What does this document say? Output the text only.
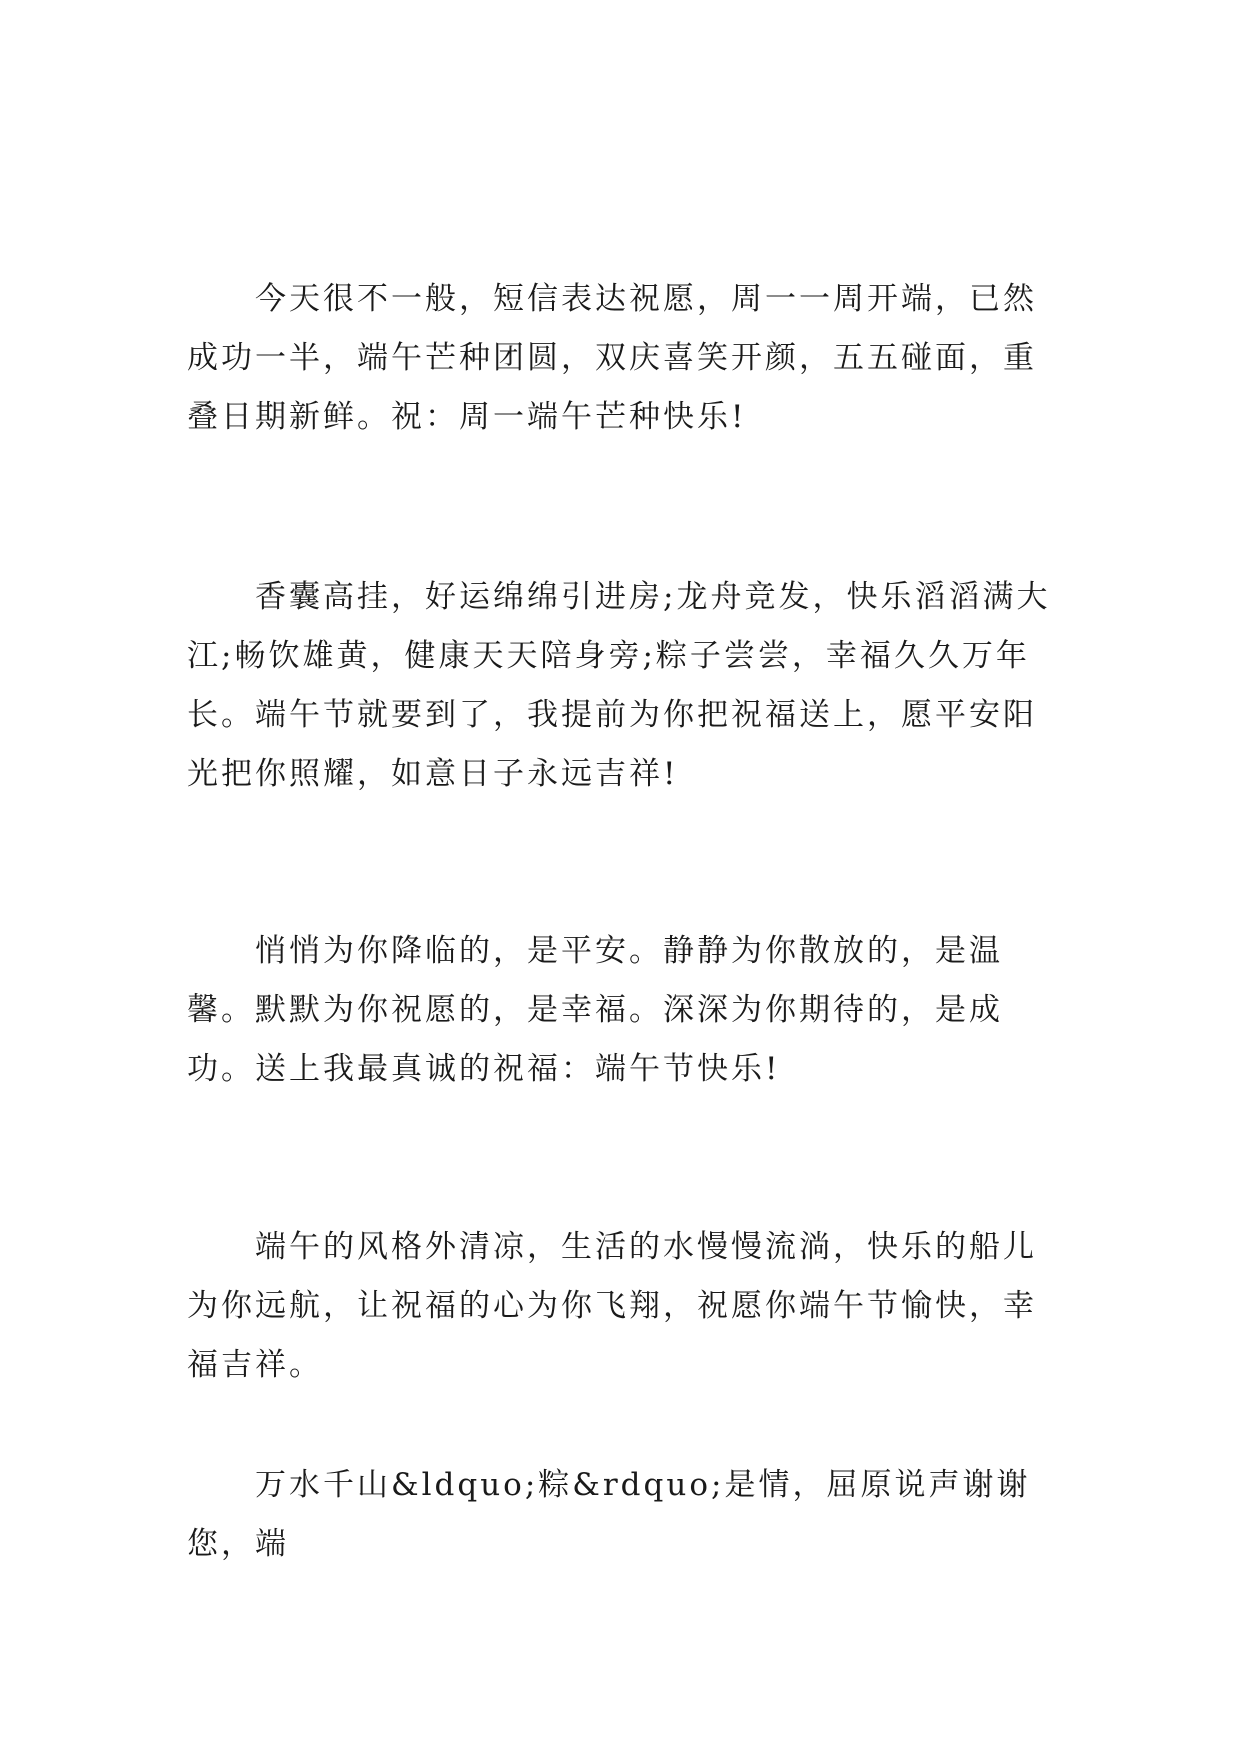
今天很不一般，短信表达祝愿，周一一周开端，已然成功一半，端午芒种团圆，双庆喜笑开颜，五五碰面，重叠日期新鲜。祝：周一端午芒种快乐!

香囊高挂，好运绵绵引进房;龙舟竞发，快乐滔滔满大江;畅饮雄黄，健康天天陪身旁;粽子尝尝，幸福久久万年长。端午节就要到了，我提前为你把祝福送上，愿平安阳光把你照耀，如意日子永远吉祥!

悄悄为你降临的，是平安。静静为你散放的，是温馨。默默为你祝愿的，是幸福。深深为你期待的，是成功。送上我最真诚的祝福：端午节快乐!

端午的风格外清凉，生活的水慢慢流淌，快乐的船儿为你远航，让祝福的心为你飞翔，祝愿你端午节愉快，幸福吉祥。

万水千山&ldquo;粽&rdquo;是情，屈原说声谢谢您，端
